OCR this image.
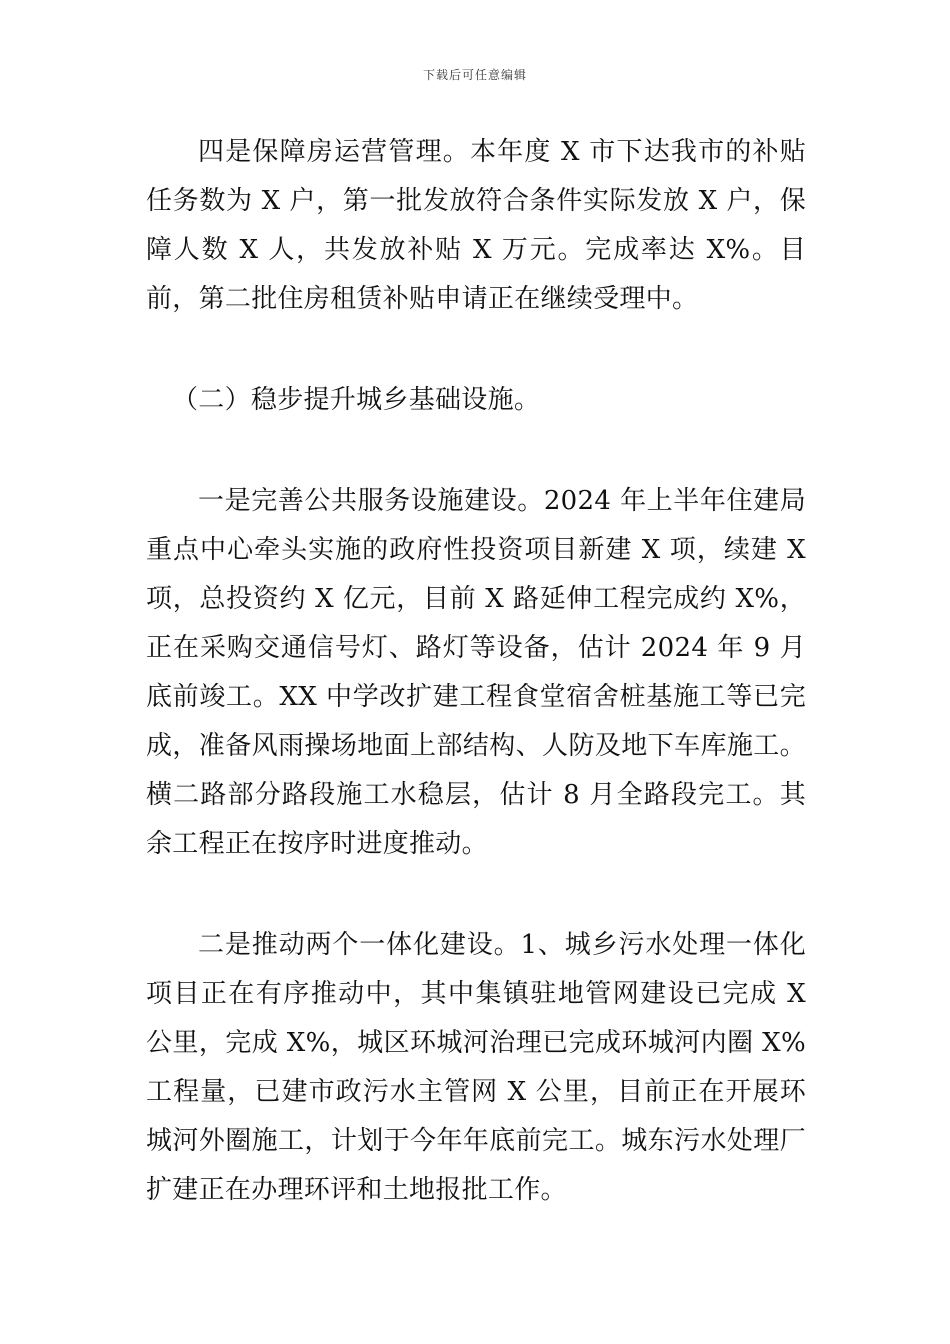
下载后可任意编辑

四是保障房运营管理。本年度 X 市下达我市的补贴任务数为 X 户，第一批发放符合条件实际发放 X 户，保障人数 X 人，共发放补贴 X 万元。完成率达 X%。目前，第二批住房租赁补贴申请正在继续受理中。

（二）稳步提升城乡基础设施。

一是完善公共服务设施建设。2024 年上半年住建局重点中心牵头实施的政府性投资项目新建 X 项，续建 X 项，总投资约 X 亿元，目前 X 路延伸工程完成约 X%，正在采购交通信号灯、路灯等设备，估计 2024 年 9 月底前竣工。XX 中学改扩建工程食堂宿舍桩基施工等已完成，准备风雨操场地面上部结构、人防及地下车库施工。横二路部分路段施工水稳层，估计 8 月全路段完工。其余工程正在按序时进度推动。

二是推动两个一体化建设。1、城乡污水处理一体化项目正在有序推动中，其中集镇驻地管网建设已完成 X 公里，完成 X%，城区环城河治理已完成环城河内圈 X%工程量，已建市政污水主管网 X 公里，目前正在开展环城河外圈施工，计划于今年年底前完工。城东污水处理厂扩建正在办理环评和土地报批工作。
